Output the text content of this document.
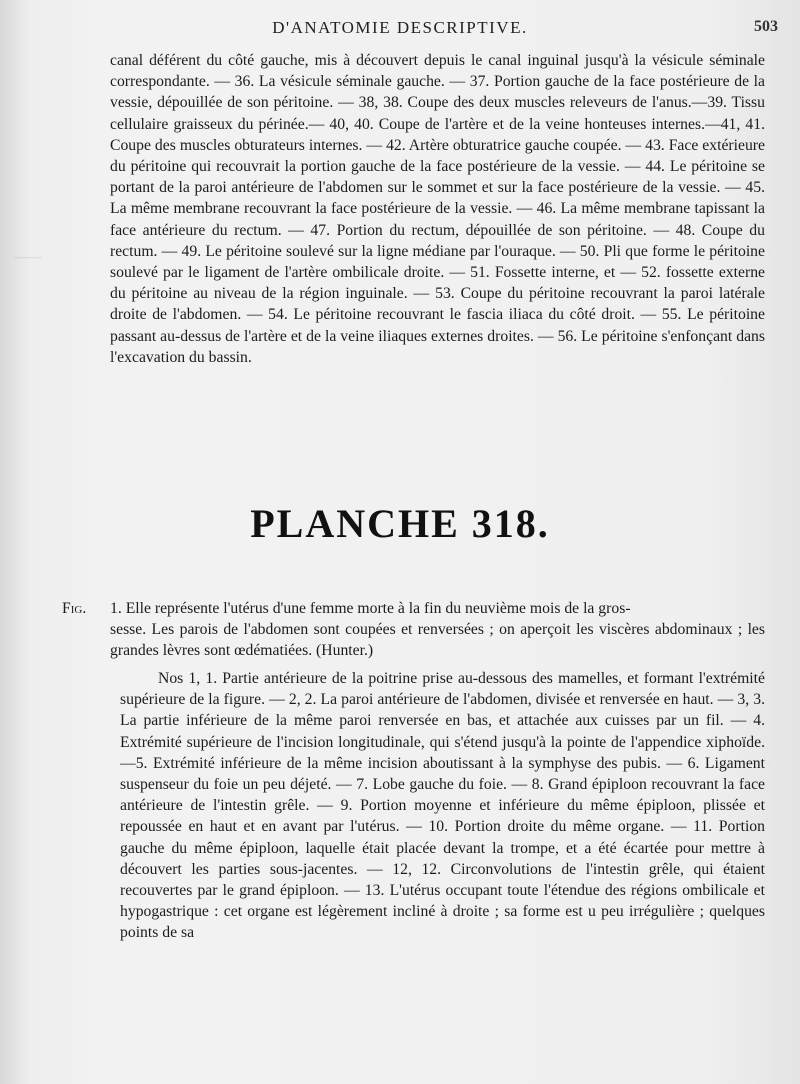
——
D'ANATOMIE DESCRIPTIVE.	503

canal déférent du côté gauche, mis à découvert depuis le canal inguinal jusqu'à la vésicule séminale correspondante. — 36. La vésicule séminale gauche. — 37. Portion gauche de la face postérieure de la vessie, dépouillée de son péritoine. — 38, 38. Coupe des deux muscles releveurs de l'anus.—39. Tissu cellulaire graisseux du périnée.— 40, 40. Coupe de l'artère et de la veine honteuses internes.—41, 41. Coupe des muscles obturateurs internes. — 42. Artère obturatrice gauche coupée. — 43. Face extérieure du péritoine qui recouvrait la portion gauche de la face postérieure de la vessie. — 44. Le péritoine se portant de la paroi antérieure de l'abdomen sur le sommet et sur la face postérieure de la vessie. — 45. La même membrane recouvrant la face postérieure de la vessie. — 46. La même membrane tapissant la face antérieure du rectum. — 47. Portion du rectum, dépouillée de son péritoine. — 48. Coupe du rectum. — 49. Le péritoine soulevé sur la ligne médiane par l'ouraque. — 50. Pli que forme le péritoine soulevé par le ligament de l'artère ombilicale droite. — 51. Fossette interne, et — 52. fossette externe du péritoine au niveau de la région inguinale. — 53. Coupe du péritoine recouvrant la paroi latérale droite de l'abdomen. — 54. Le péritoine recouvrant le fascia iliaca du côté droit. — 55. Le péritoine passant au-dessus de l'artère et de la veine iliaques externes droites. — 56. Le péritoine s'enfonçant dans l'excavation du bassin.

PLANCHE 318.

Fig. 1. Elle représente l'utérus d'une femme morte à la fin du neuvième mois de la gros-

sesse. Les parois de l'abdomen sont coupées et renversées ; on aperçoit les viscères abdominaux ; les grandes lèvres sont œdématiées. (Hunter.)

Nos 1, 1. Partie antérieure de la poitrine prise au-dessous des mamelles, et formant l'extrémité supérieure de la figure. — 2, 2. La paroi antérieure de l'abdomen, divisée et renversée en haut. — 3, 3. La partie inférieure de la même paroi renversée en bas, et attachée aux cuisses par un fil. — 4. Extrémité supérieure de l'incision longitudinale, qui s'étend jusqu'à la pointe de l'appendice xiphoïde.—5. Extrémité inférieure de la même incision aboutissant à la symphyse des pubis. — 6. Ligament suspenseur du foie un peu déjeté. — 7. Lobe gauche du foie. — 8. Grand épiploon recouvrant la face antérieure de l'intestin grêle. — 9. Portion moyenne et inférieure du même épiploon, plissée et repoussée en haut et en avant par l'utérus. — 10. Portion droite du même organe. — 11. Portion gauche du même épiploon, laquelle était placée devant la trompe, et a été écartée pour mettre à découvert les parties sous-jacentes. — 12, 12. Circonvolutions de l'intestin grêle, qui étaient recouvertes par le grand épiploon. — 13. L'utérus occupant toute l'étendue des régions ombilicale et hypogastrique : cet organe est légèrement incliné à droite ; sa forme est u peu irrégulière ; quelques points de sa
